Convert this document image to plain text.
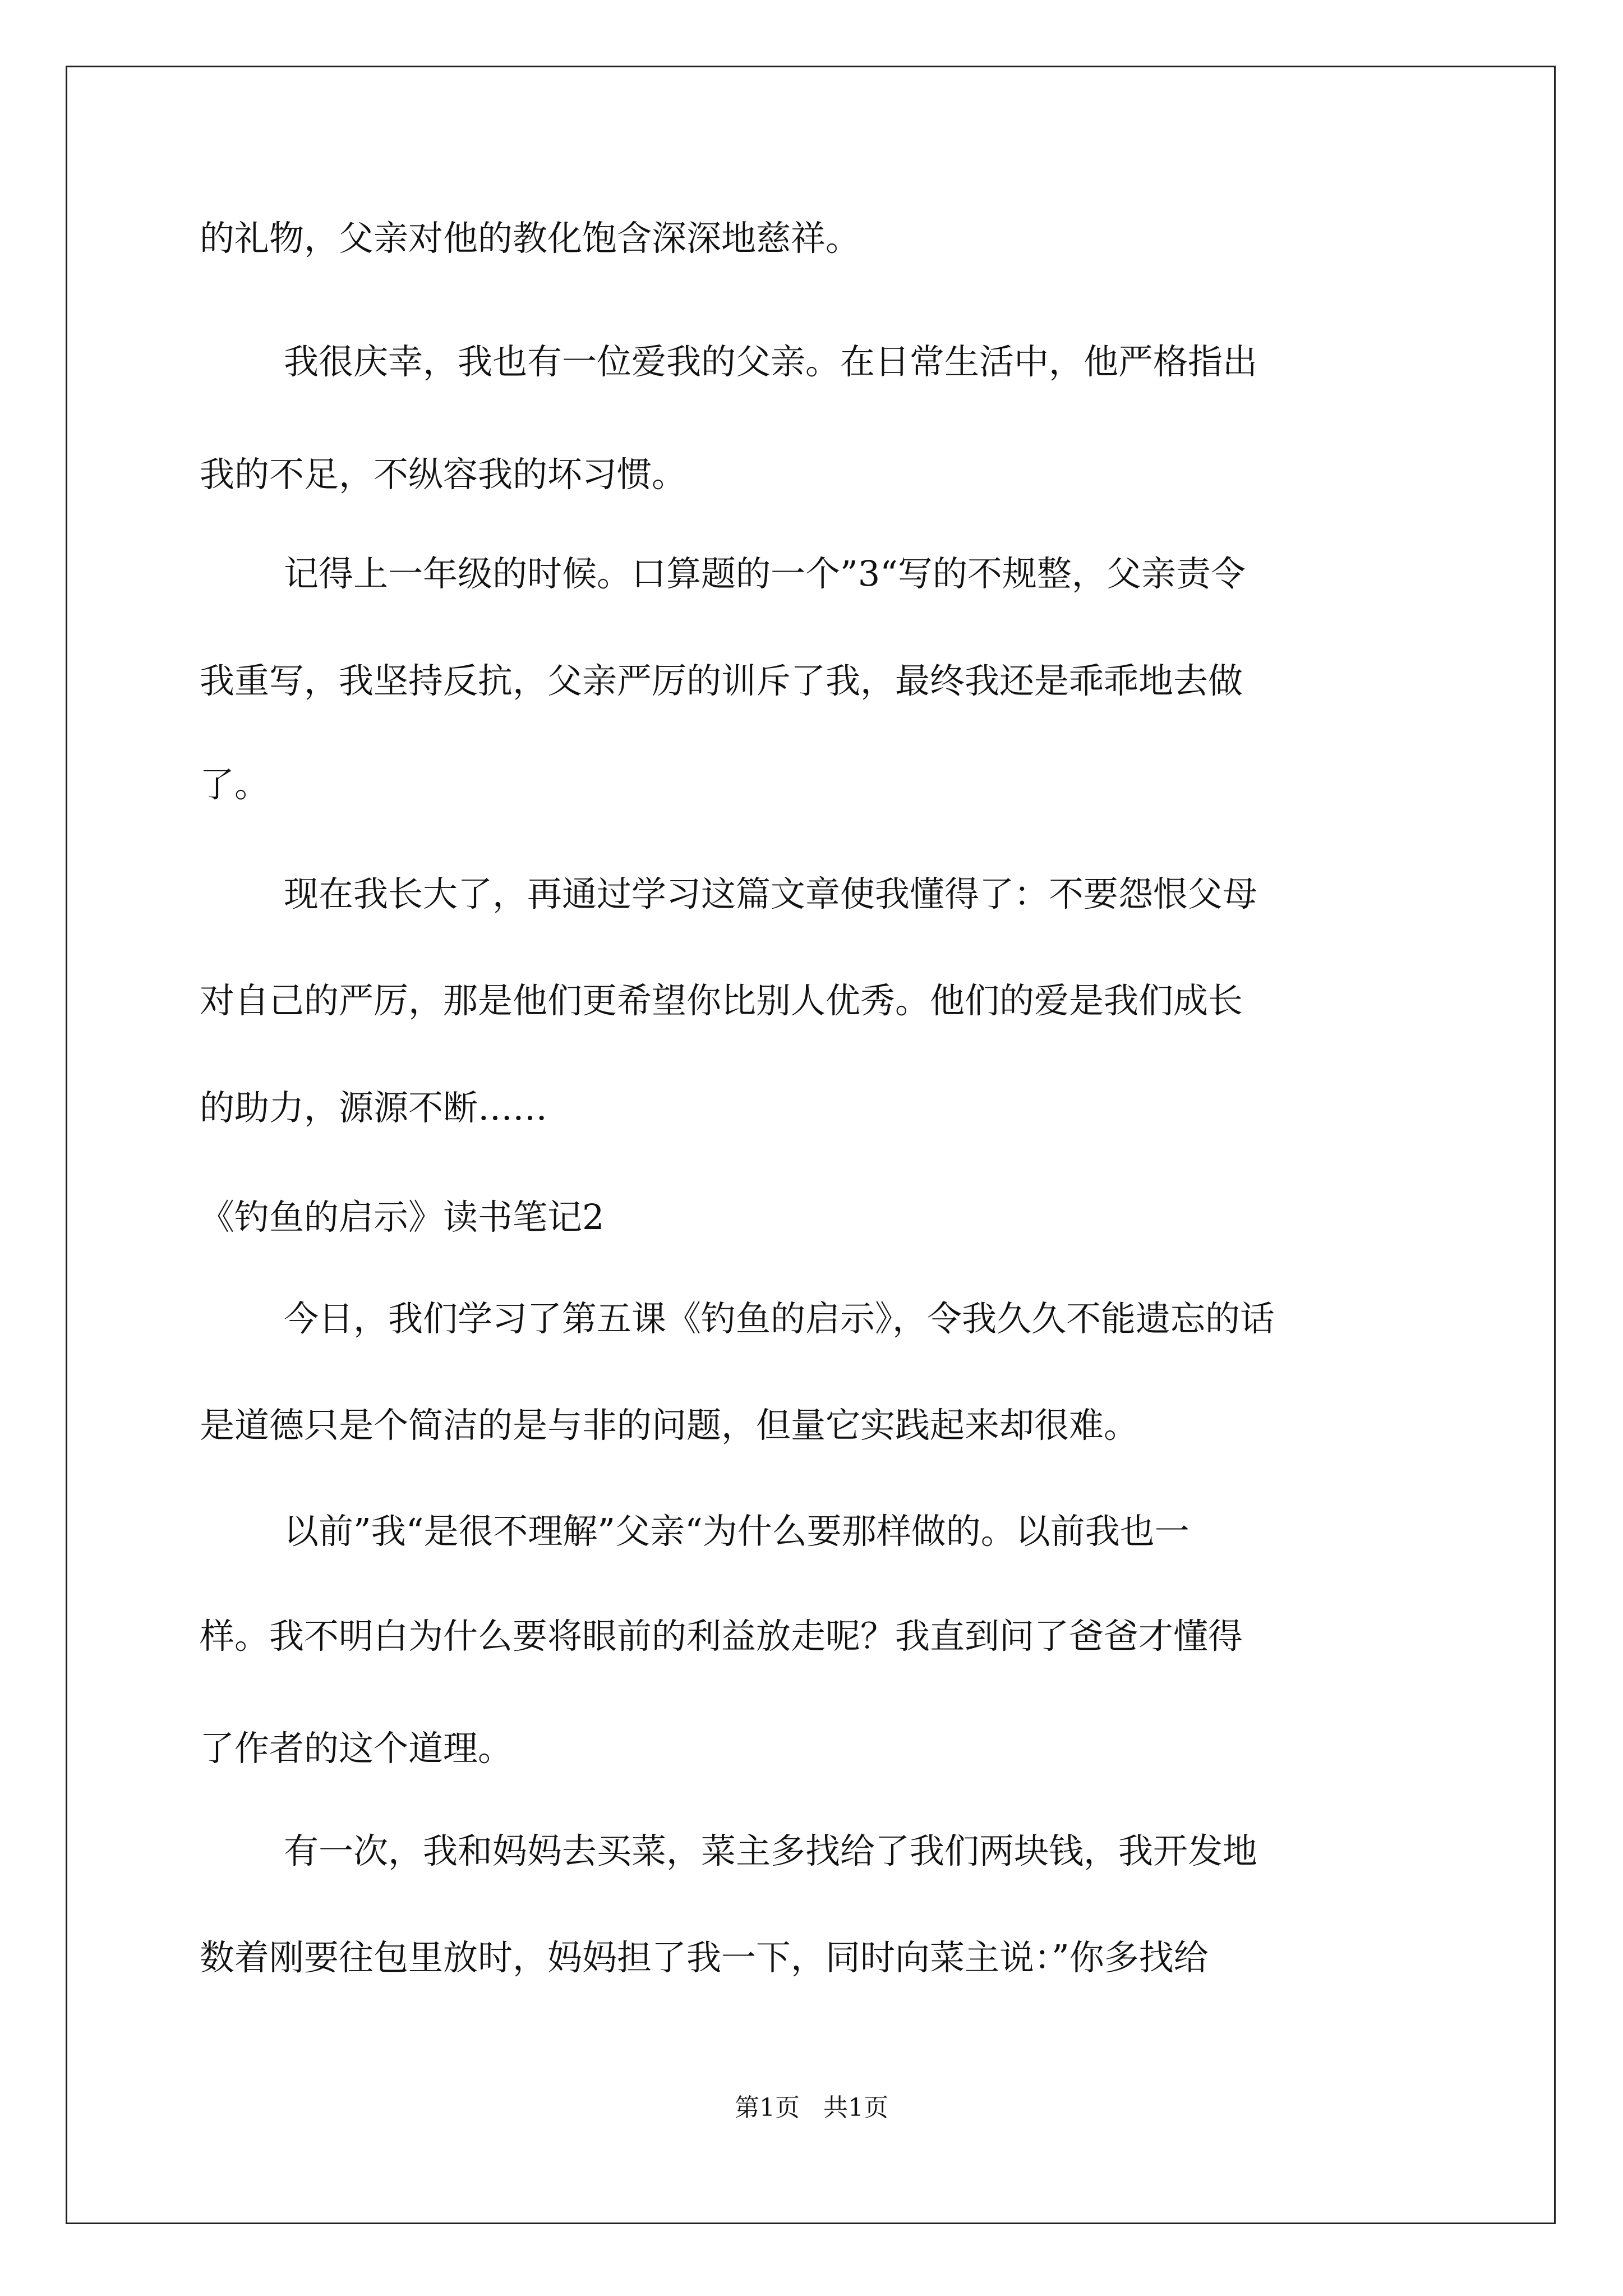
的礼物，父亲对他的教化饱含深深地慈祥。
我很庆幸，我也有一位爱我的父亲。在日常生活中，他严格指出
我的不足，不纵容我的坏习惯。
记得上一年级的时候。口算题的一个”3“写的不规整，父亲责令
我重写，我坚持反抗，父亲严厉的训斥了我，最终我还是乖乖地去做
了。
现在我长大了，再通过学习这篇文章使我懂得了：不要怨恨父母
对自己的严厉，那是他们更希望你比别人优秀。他们的爱是我们成长
的助力，源源不断……
《钓鱼的启示》读书笔记2
今日，我们学习了第五课《钓鱼的启示》，令我久久不能遗忘的话
是道德只是个简洁的是与非的问题，但量它实践起来却很难。
以前”我“是很不理解”父亲“为什么要那样做的。以前我也一
样。我不明白为什么要将眼前的利益放走呢？我直到问了爸爸才懂得
了作者的这个道理。
有一次，我和妈妈去买菜，菜主多找给了我们两块钱，我开发地
数着刚要往包里放时，妈妈担了我一下，同时向菜主说：”你多找给
第1页   共1页
